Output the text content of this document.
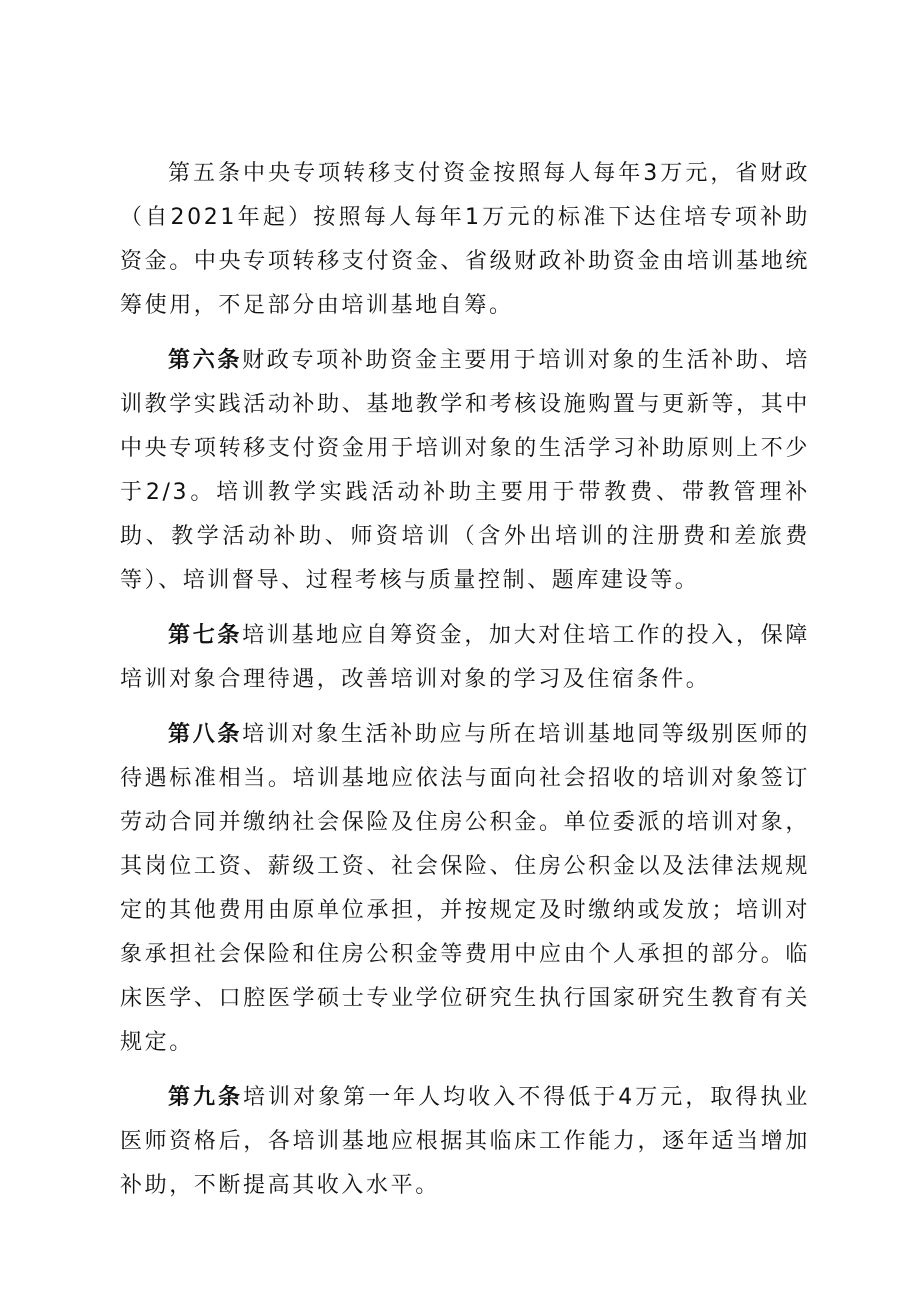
第五条中央专项转移支付资金按照每人每年3万元，省财政（自2021年起）按照每人每年1万元的标准下达住培专项补助资金。中央专项转移支付资金、省级财政补助资金由培训基地统筹使用，不足部分由培训基地自筹。

第六条财政专项补助资金主要用于培训对象的生活补助、培训教学实践活动补助、基地教学和考核设施购置与更新等，其中中央专项转移支付资金用于培训对象的生活学习补助原则上不少于2/3。培训教学实践活动补助主要用于带教费、带教管理补助、教学活动补助、师资培训（含外出培训的注册费和差旅费等）、培训督导、过程考核与质量控制、题库建设等。

第七条培训基地应自筹资金，加大对住培工作的投入，保障培训对象合理待遇，改善培训对象的学习及住宿条件。

第八条培训对象生活补助应与所在培训基地同等级别医师的待遇标准相当。培训基地应依法与面向社会招收的培训对象签订劳动合同并缴纳社会保险及住房公积金。单位委派的培训对象，其岗位工资、薪级工资、社会保险、住房公积金以及法律法规规定的其他费用由原单位承担，并按规定及时缴纳或发放；培训对象承担社会保险和住房公积金等费用中应由个人承担的部分。临床医学、口腔医学硕士专业学位研究生执行国家研究生教育有关规定。

第九条培训对象第一年人均收入不得低于4万元，取得执业医师资格后，各培训基地应根据其临床工作能力，逐年适当增加补助，不断提高其收入水平。
